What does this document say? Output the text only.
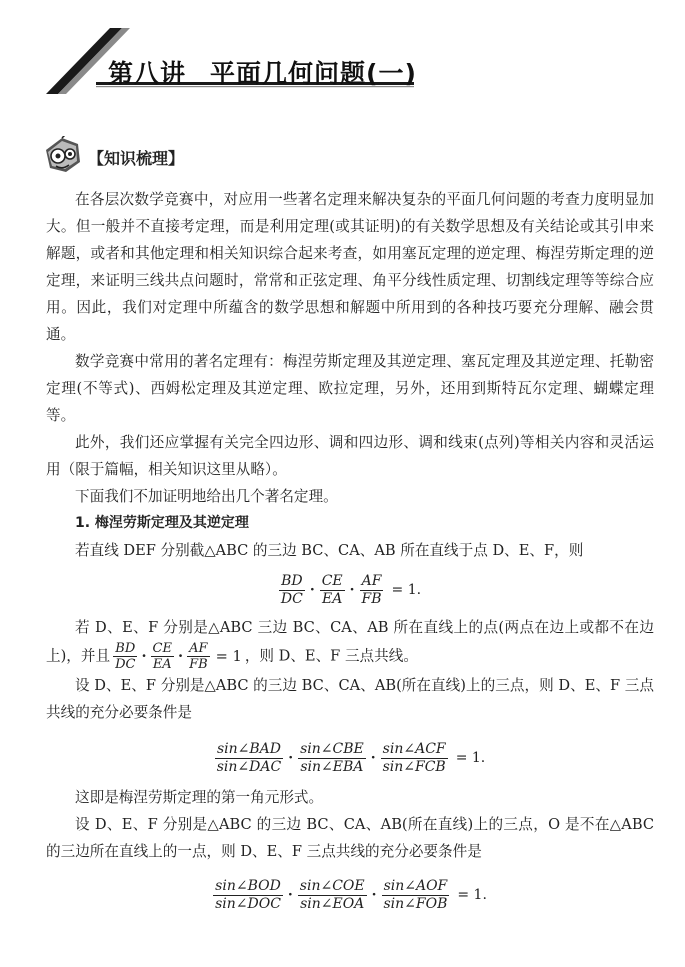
第八讲 平面几何问题(一)
【知识梳理】

在各层次数学竞赛中，对应用一些著名定理来解决复杂的平面几何问题的考查力度明显加大。但一般并不直接考定理，而是利用定理(或其证明)的有关数学思想及有关结论或其引申来解题，或者和其他定理和相关知识综合起来考查，如用塞瓦定理的逆定理、梅涅劳斯定理的逆定理，来证明三线共点问题时，常常和正弦定理、角平分线性质定理、切割线定理等等综合应用。因此，我们对定理中所蕴含的数学思想和解题中所用到的各种技巧要充分理解、融会贯通。

数学竞赛中常用的著名定理有：梅涅劳斯定理及其逆定理、塞瓦定理及其逆定理、托勒密定理(不等式)、西姆松定理及其逆定理、欧拉定理，另外，还用到斯特瓦尔定理、蝴蝶定理等。

此外，我们还应掌握有关完全四边形、调和四边形、调和线束(点列)等相关内容和灵活运用（限于篇幅，相关知识这里从略）。

下面我们不加证明地给出几个著名定理。

1. 梅涅劳斯定理及其逆定理

若直线 DEF 分别截△ABC 的三边 BC、CA、AB 所在直线于点 D、E、F，则

$\frac{BD}{DC} \cdot \frac{CE}{EA} \cdot \frac{AF}{FB} = 1$.

若 D、E、F 分别是△ABC 三边 BC、CA、AB 所在直线上的点(两点在边上或都不在边上)，并且 $\frac{BD}{DC} \cdot \frac{CE}{EA} \cdot \frac{AF}{FB} = 1$ ，则 D、E、F 三点共线。

设 D、E、F 分别是△ABC 的三边 BC、CA、AB(所在直线)上的三点，则 D、E、F 三点共线的充分必要条件是

$\frac{\text{sin∠BAD}}{\text{sin∠DAC}} \cdot \frac{\text{sin∠CBE}}{\text{sin∠EBA}} \cdot \frac{\text{sin∠ACF}}{\text{sin∠FCB}} = 1$.

这即是梅涅劳斯定理的第一角元形式。

设 D、E、F 分别是△ABC 的三边 BC、CA、AB(所在直线)上的三点，O 是不在△ABC 的三边所在直线上的一点，则 D、E、F 三点共线的充分必要条件是

$\frac{\text{sin∠BOD}}{\text{sin∠DOC}} \cdot \frac{\text{sin∠COE}}{\text{sin∠EOA}} \cdot \frac{\text{sin∠AOF}}{\text{sin∠FOB}} = 1$.
